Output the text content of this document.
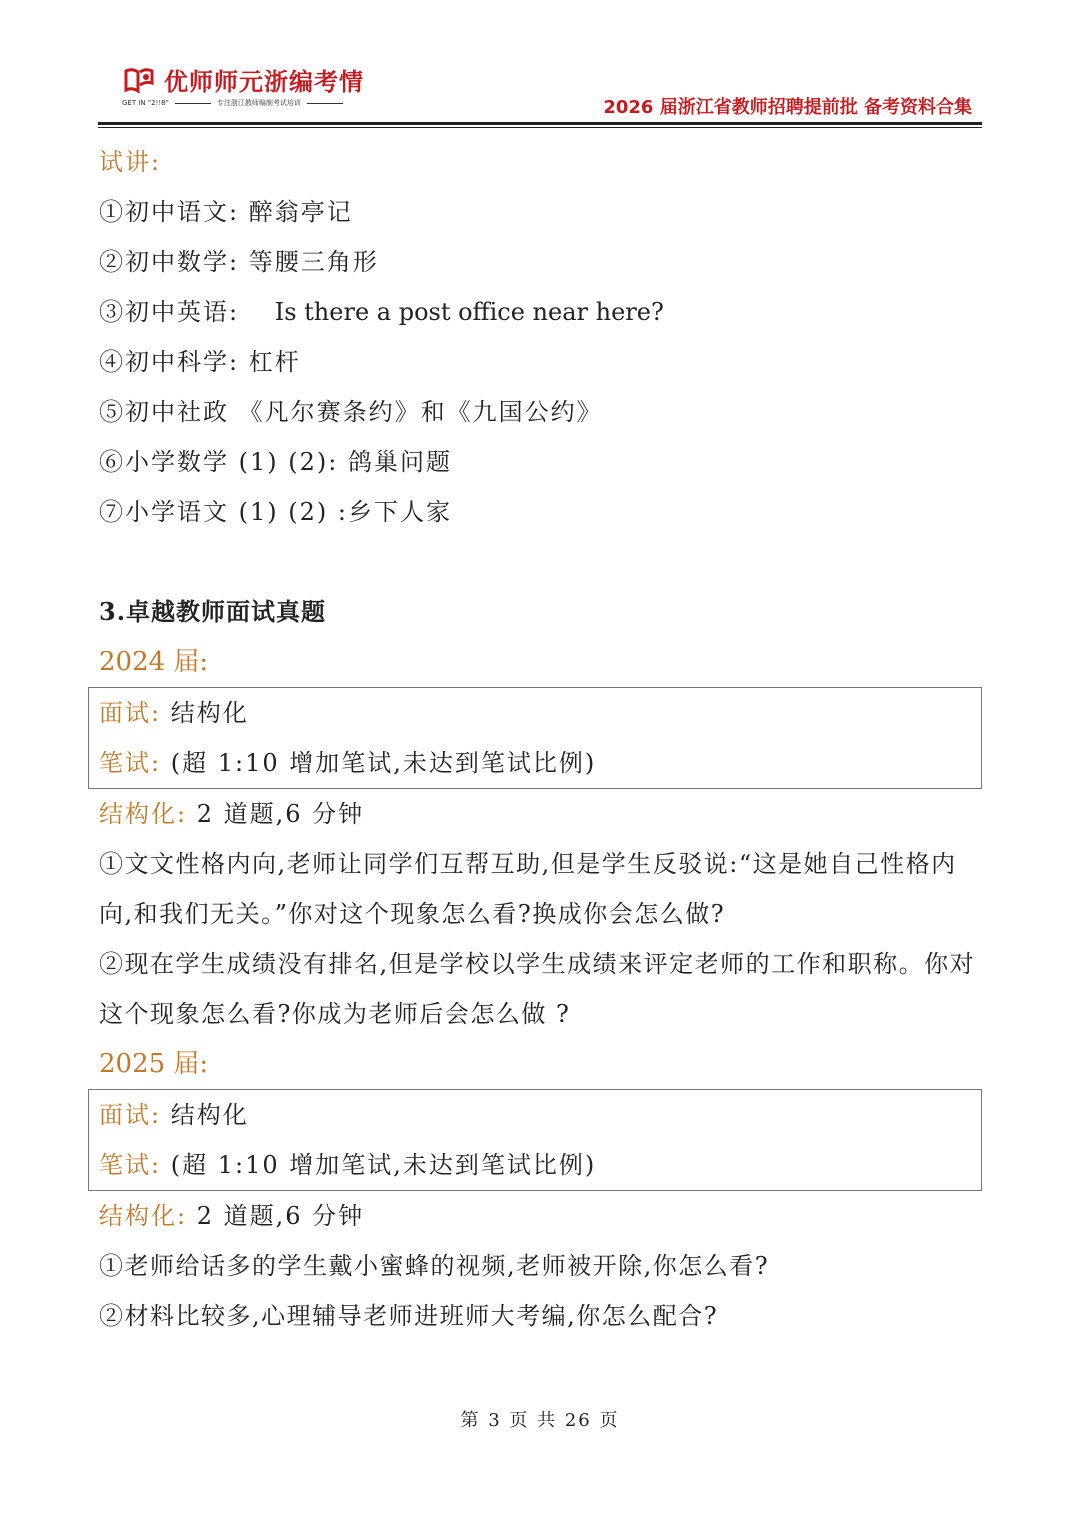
优师师元浙编考情
GET IN "2!!8"	专注浙江教师编制考试培训	2026 届浙江省教师招聘提前批 备考资料合集
试讲:
①初中语文: 醉翁亭记
②初中数学: 等腰三角形
③初中英语: Is there a post office near here?
④初中科学: 杠杆
⑤初中社政 《凡尔赛条约》和《九国公约》
⑥小学数学 (1) (2): 鸽巢问题
⑦小学语文 (1) (2) :乡下人家
3.卓越教师面试真题
2024 届:
面试: 结构化
笔试: (超 1:10 增加笔试,未达到笔试比例)
结构化: 2 道题,6 分钟
①文文性格内向,老师让同学们互帮互助,但是学生反驳说:“这是她自己性格内向,和我们无关。”你对这个现象怎么看?换成你会怎么做?
②现在学生成绩没有排名,但是学校以学生成绩来评定老师的工作和职称。你对这个现象怎么看?你成为老师后会怎么做 ?
2025 届:
面试: 结构化
笔试: (超 1:10 增加笔试,未达到笔试比例)
结构化: 2 道题,6 分钟
①老师给话多的学生戴小蜜蜂的视频,老师被开除,你怎么看?
②材料比较多,心理辅导老师进班师大考编,你怎么配合?
第 3 页 共 26 页
